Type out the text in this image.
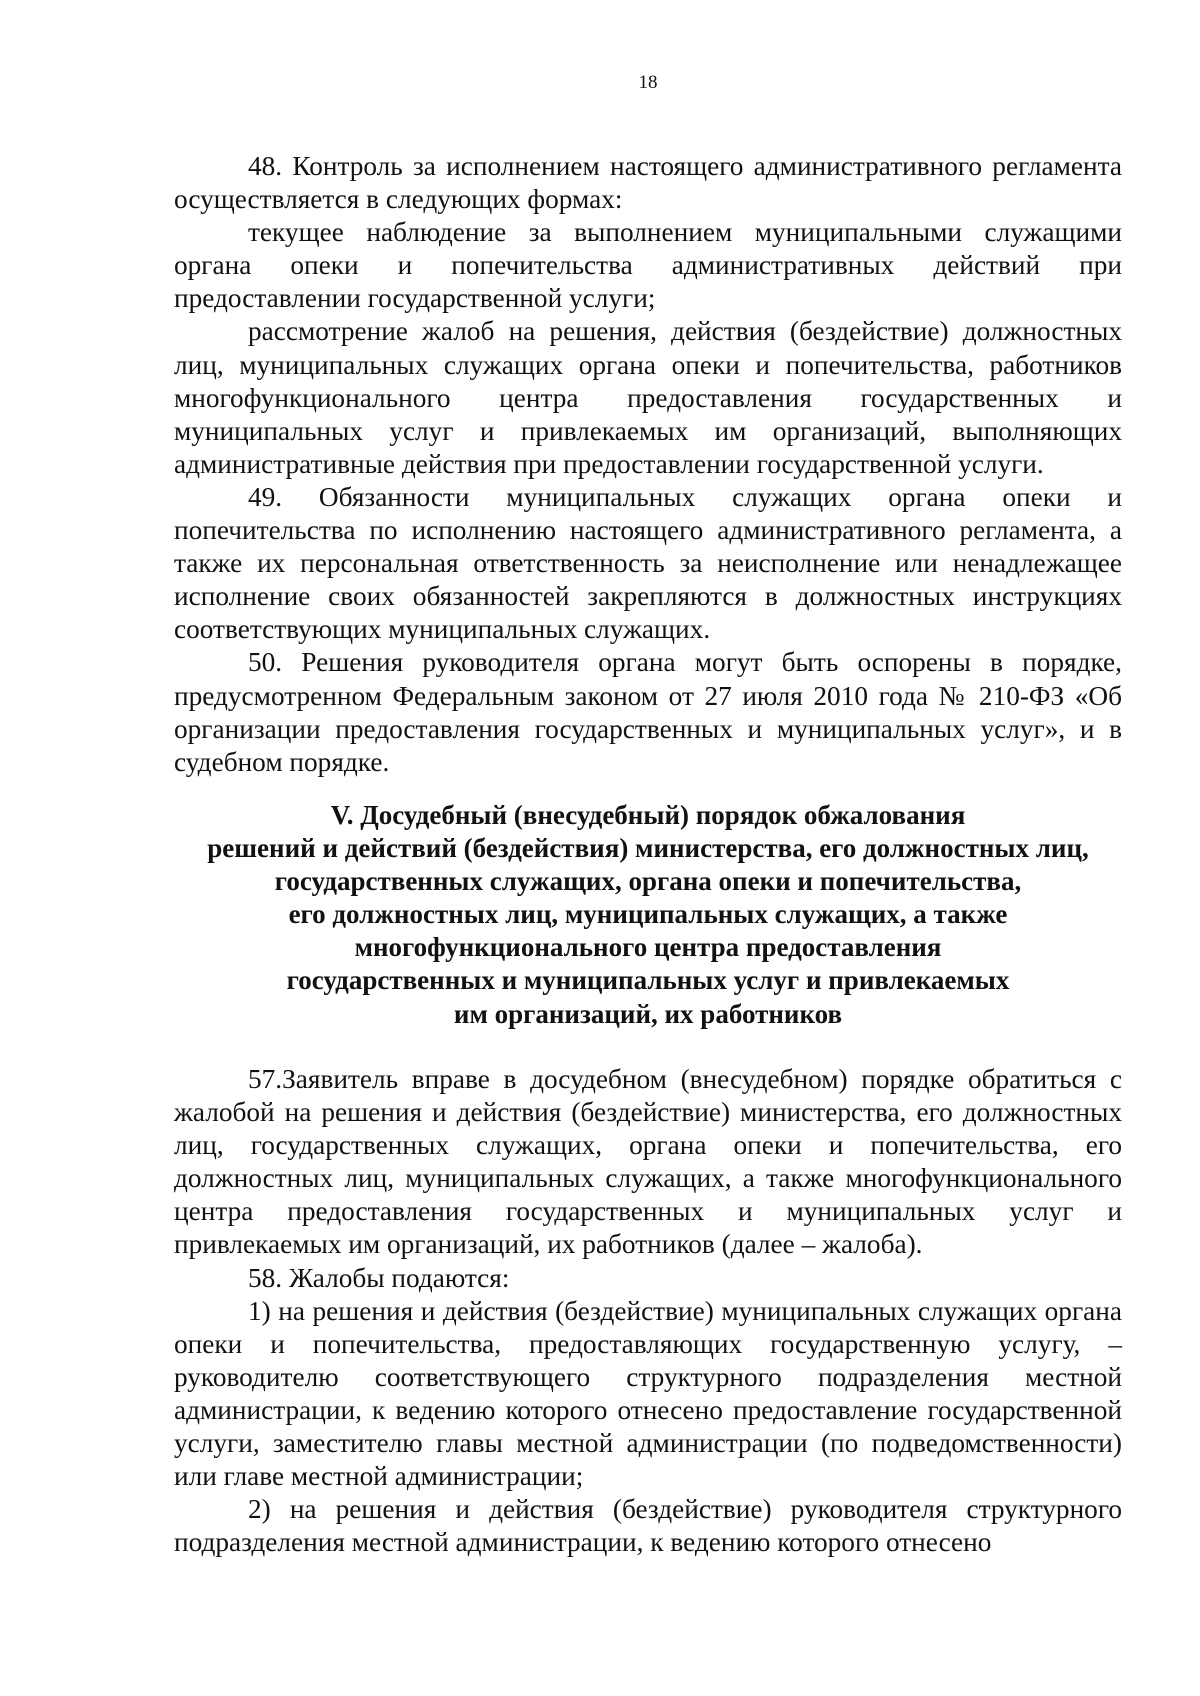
18

48. Контроль за исполнением настоящего административного регламента осуществляется в следующих формах:

текущее наблюдение за выполнением муниципальными служащими органа опеки и попечительства административных действий при предоставлении государственной услуги;

рассмотрение жалоб на решения, действия (бездействие) должностных лиц, муниципальных служащих органа опеки и попечительства, работников многофункционального центра предоставления государственных и муниципальных услуг и привлекаемых им организаций, выполняющих административные действия при предоставлении государственной услуги.

49. Обязанности муниципальных служащих органа опеки и попечительства по исполнению настоящего административного регламента, а также их персональная ответственность за неисполнение или ненадлежащее исполнение своих обязанностей закрепляются в должностных инструкциях соответствующих муниципальных служащих.

50. Решения руководителя органа могут быть оспорены в порядке, предусмотренном Федеральным законом от 27 июля 2010 года № 210-ФЗ «Об организации предоставления государственных и муниципальных услуг», и в судебном порядке.

V. Досудебный (внесудебный) порядок обжалования
решений и действий (бездействия) министерства, его должностных лиц,
государственных служащих, органа опеки и попечительства,
его должностных лиц, муниципальных служащих, а также
многофункционального центра предоставления
государственных и муниципальных услуг и привлекаемых
им организаций, их работников

57.Заявитель вправе в досудебном (внесудебном) порядке обратиться с жалобой на решения и действия (бездействие) министерства, его должностных лиц, государственных служащих, органа опеки и попечительства, его должностных лиц, муниципальных служащих, а также многофункционального центра предоставления государственных и муниципальных услуг и привлекаемых им организаций, их работников (далее – жалоба).

58. Жалобы подаются:

1) на решения и действия (бездействие) муниципальных служащих органа опеки и попечительства, предоставляющих государственную услугу, – руководителю соответствующего структурного подразделения местной администрации, к ведению которого отнесено предоставление государственной услуги, заместителю главы местной администрации (по подведомственности) или главе местной администрации;

2) на решения и действия (бездействие) руководителя структурного подразделения местной администрации, к ведению которого отнесено
